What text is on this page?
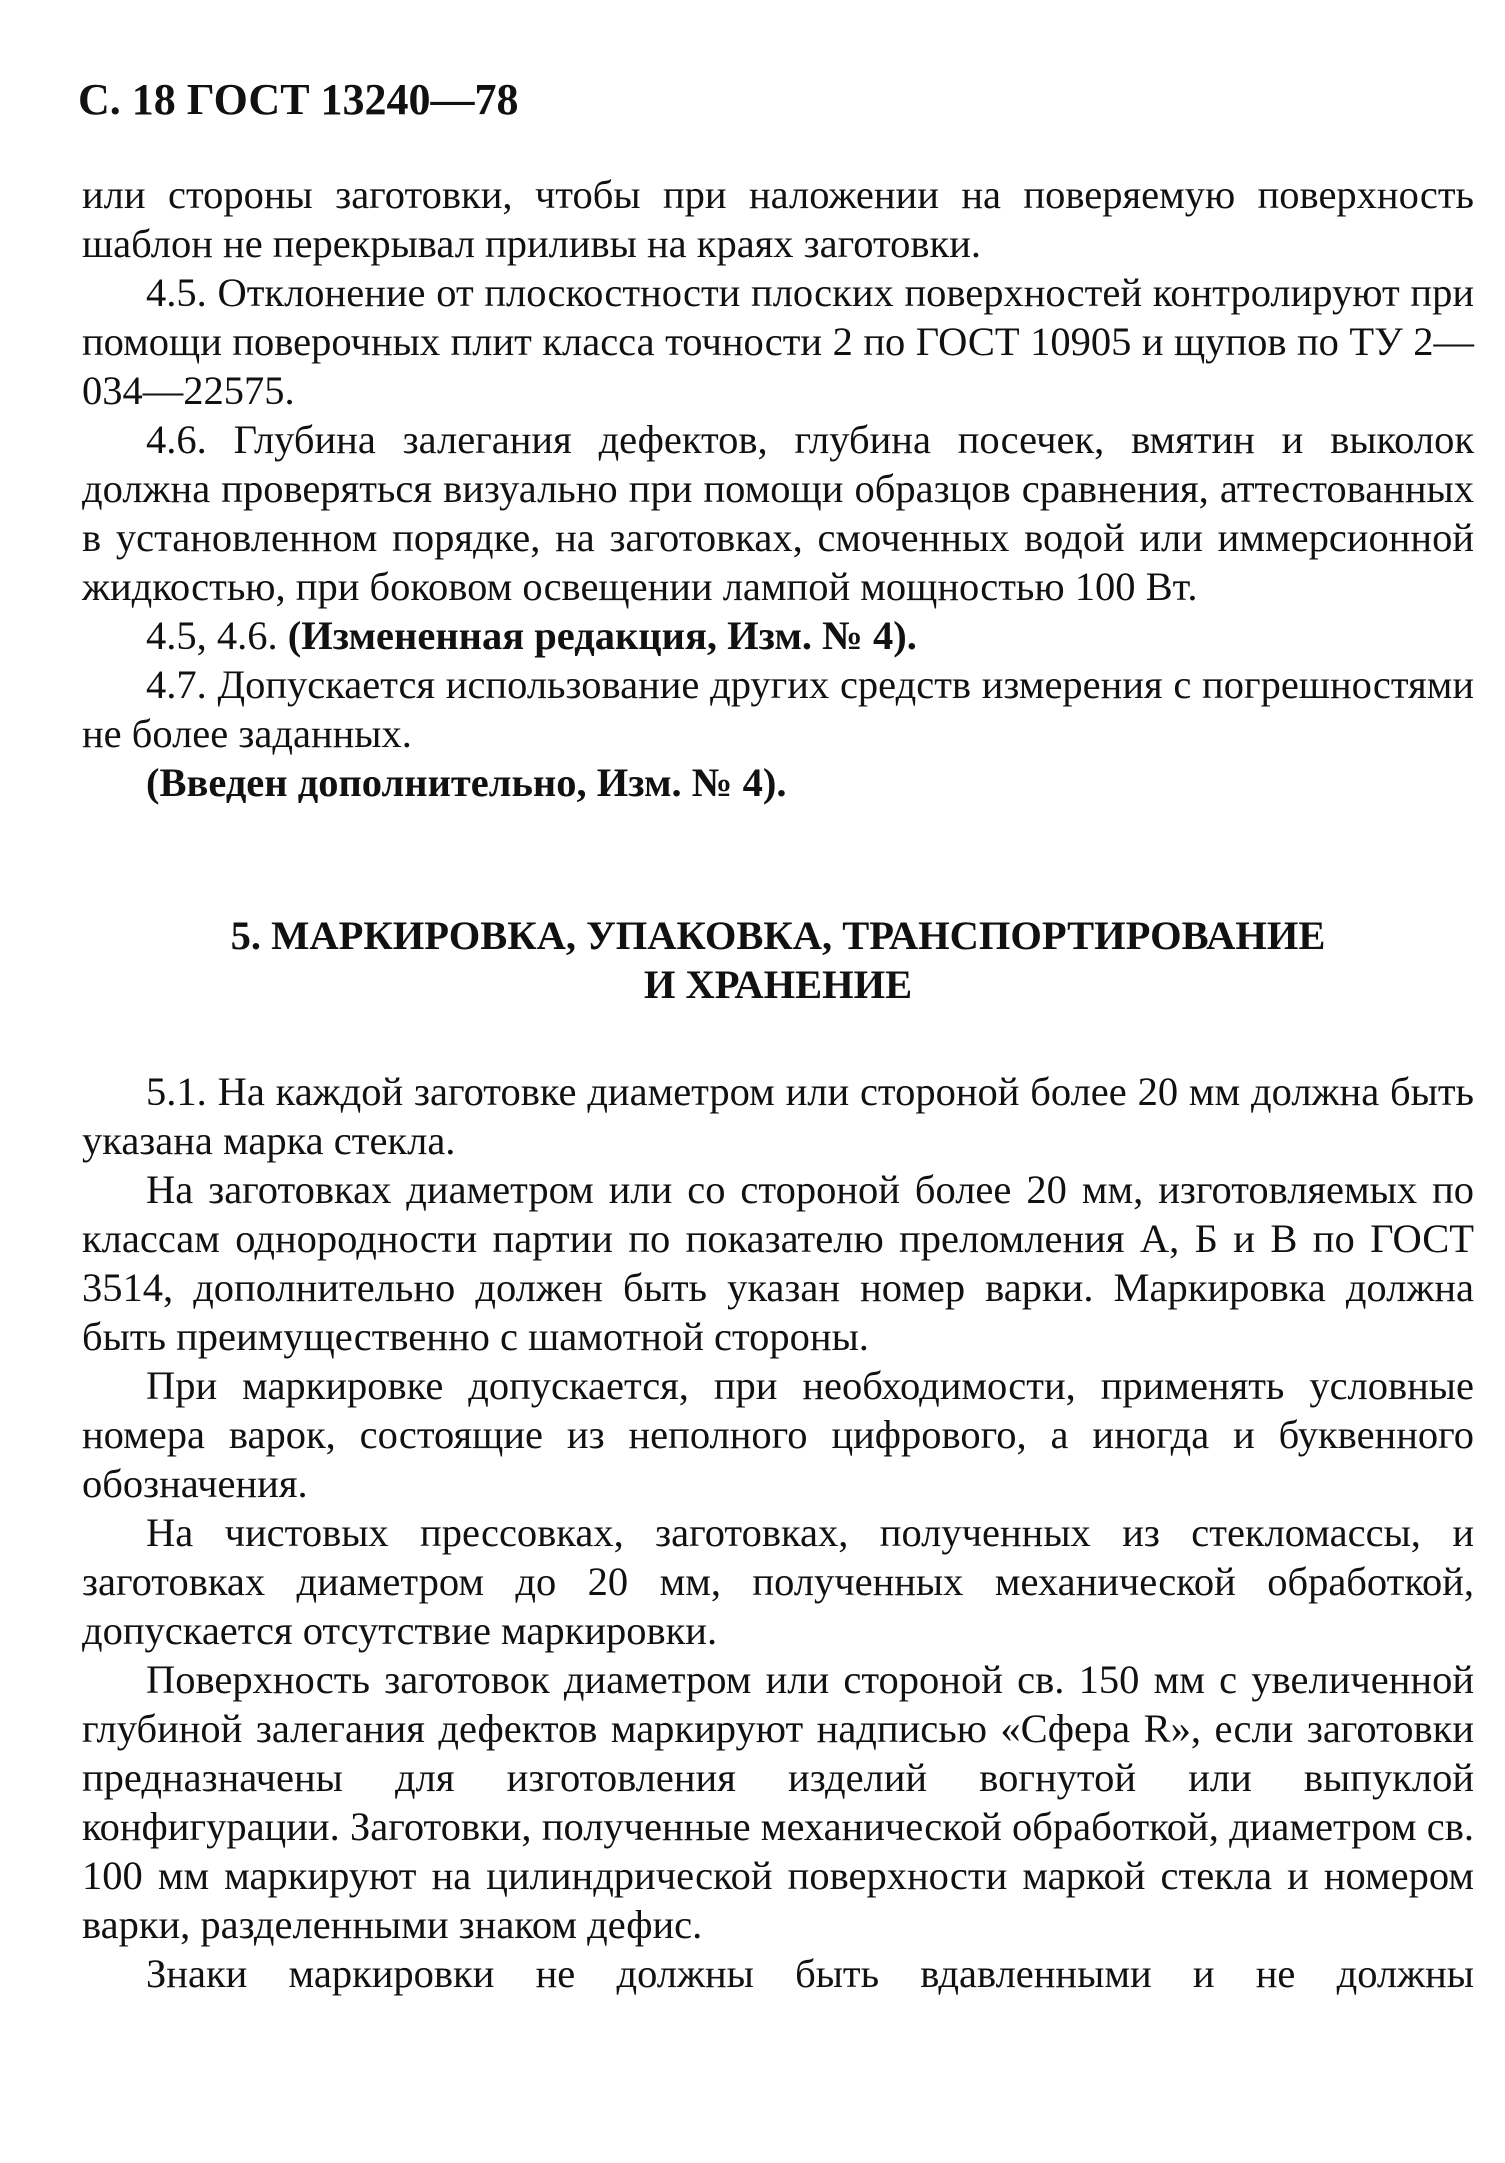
С. 18 ГОСТ 13240—78

или стороны заготовки, чтобы при наложении на поверяемую поверхность шаблон не перекрывал приливы на краях заготовки.

4.5. Отклонение от плоскостности плоских поверхностей контролируют при помощи поверочных плит класса точности 2 по ГОСТ 10905 и щупов по ТУ 2—034—22575.

4.6. Глубина залегания дефектов, глубина посечек, вмятин и выколок должна проверяться визуально при помощи образцов сравнения, аттестованных в установленном порядке, на заготовках, смоченных водой или иммерсионной жидкостью, при боковом освещении лампой мощностью 100 Вт.

4.5, 4.6. (Измененная редакция, Изм. № 4).

4.7. Допускается использование других средств измерения с погрешностями не более заданных.

(Введен дополнительно, Изм. № 4).

5. МАРКИРОВКА, УПАКОВКА, ТРАНСПОРТИРОВАНИЕ
И ХРАНЕНИЕ

5.1. На каждой заготовке диаметром или стороной более 20 мм должна быть указана марка стекла.

На заготовках диаметром или со стороной более 20 мм, изготовляемых по классам однородности партии по показателю преломления А, Б и В по ГОСТ 3514, дополнительно должен быть указан номер варки. Маркировка должна быть преимущественно с шамотной стороны.

При маркировке допускается, при необходимости, применять условные номера варок, состоящие из неполного цифрового, а иногда и буквенного обозначения.

На чистовых прессовках, заготовках, полученных из стекломассы, и заготовках диаметром до 20 мм, полученных механической обработкой, допускается отсутствие маркировки.

Поверхность заготовок диаметром или стороной св. 150 мм с увеличенной глубиной залегания дефектов маркируют надписью «Сфера R», если заготовки предназначены для изготовления изделий вогнутой или выпуклой конфигурации. Заготовки, полученные механической обработкой, диаметром св. 100 мм маркируют на цилиндрической поверхности маркой стекла и номером варки, разделенными знаком дефис.

Знаки маркировки не должны быть вдавленными и не должны
